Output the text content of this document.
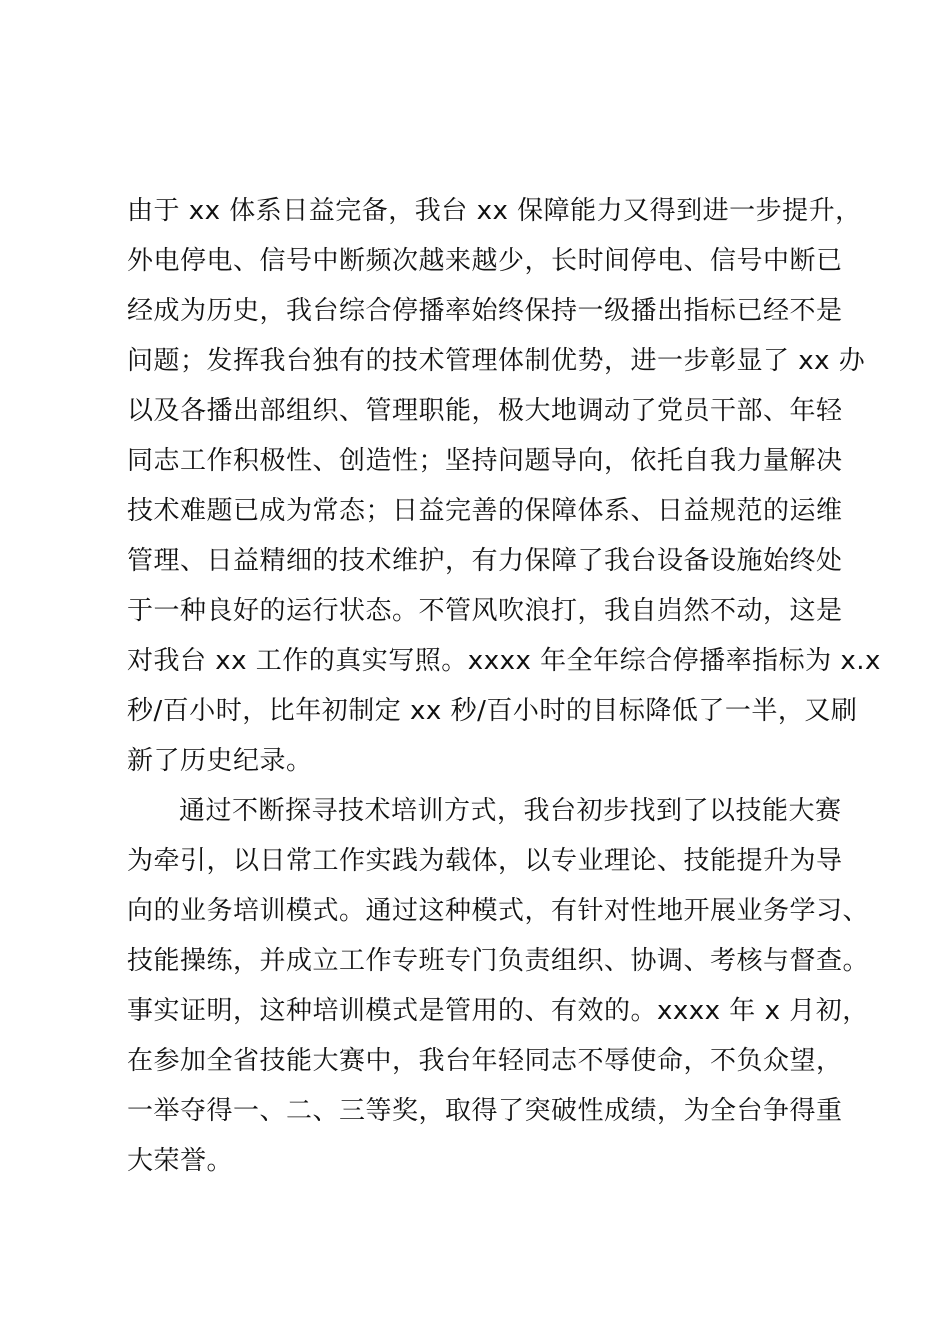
由于 xx 体系日益完备，我台 xx 保障能力又得到进一步提升，
外电停电、信号中断频次越来越少，长时间停电、信号中断已
经成为历史，我台综合停播率始终保持一级播出指标已经不是
问题；发挥我台独有的技术管理体制优势，进一步彰显了 xx 办
以及各播出部组织、管理职能，极大地调动了党员干部、年轻
同志工作积极性、创造性；坚持问题导向，依托自我力量解决
技术难题已成为常态；日益完善的保障体系、日益规范的运维
管理、日益精细的技术维护，有力保障了我台设备设施始终处
于一种良好的运行状态。不管风吹浪打，我自岿然不动，这是
对我台 xx 工作的真实写照。xxxx 年全年综合停播率指标为 x.x
秒/百小时，比年初制定 xx 秒/百小时的目标降低了一半，又刷
新了历史纪录。
通过不断探寻技术培训方式，我台初步找到了以技能大赛
为牵引，以日常工作实践为载体，以专业理论、技能提升为导
向的业务培训模式。通过这种模式，有针对性地开展业务学习、
技能操练，并成立工作专班专门负责组织、协调、考核与督查。
事实证明，这种培训模式是管用的、有效的。xxxx 年 x 月初，
在参加全省技能大赛中，我台年轻同志不辱使命，不负众望，
一举夺得一、二、三等奖，取得了突破性成绩，为全台争得重
大荣誉。
